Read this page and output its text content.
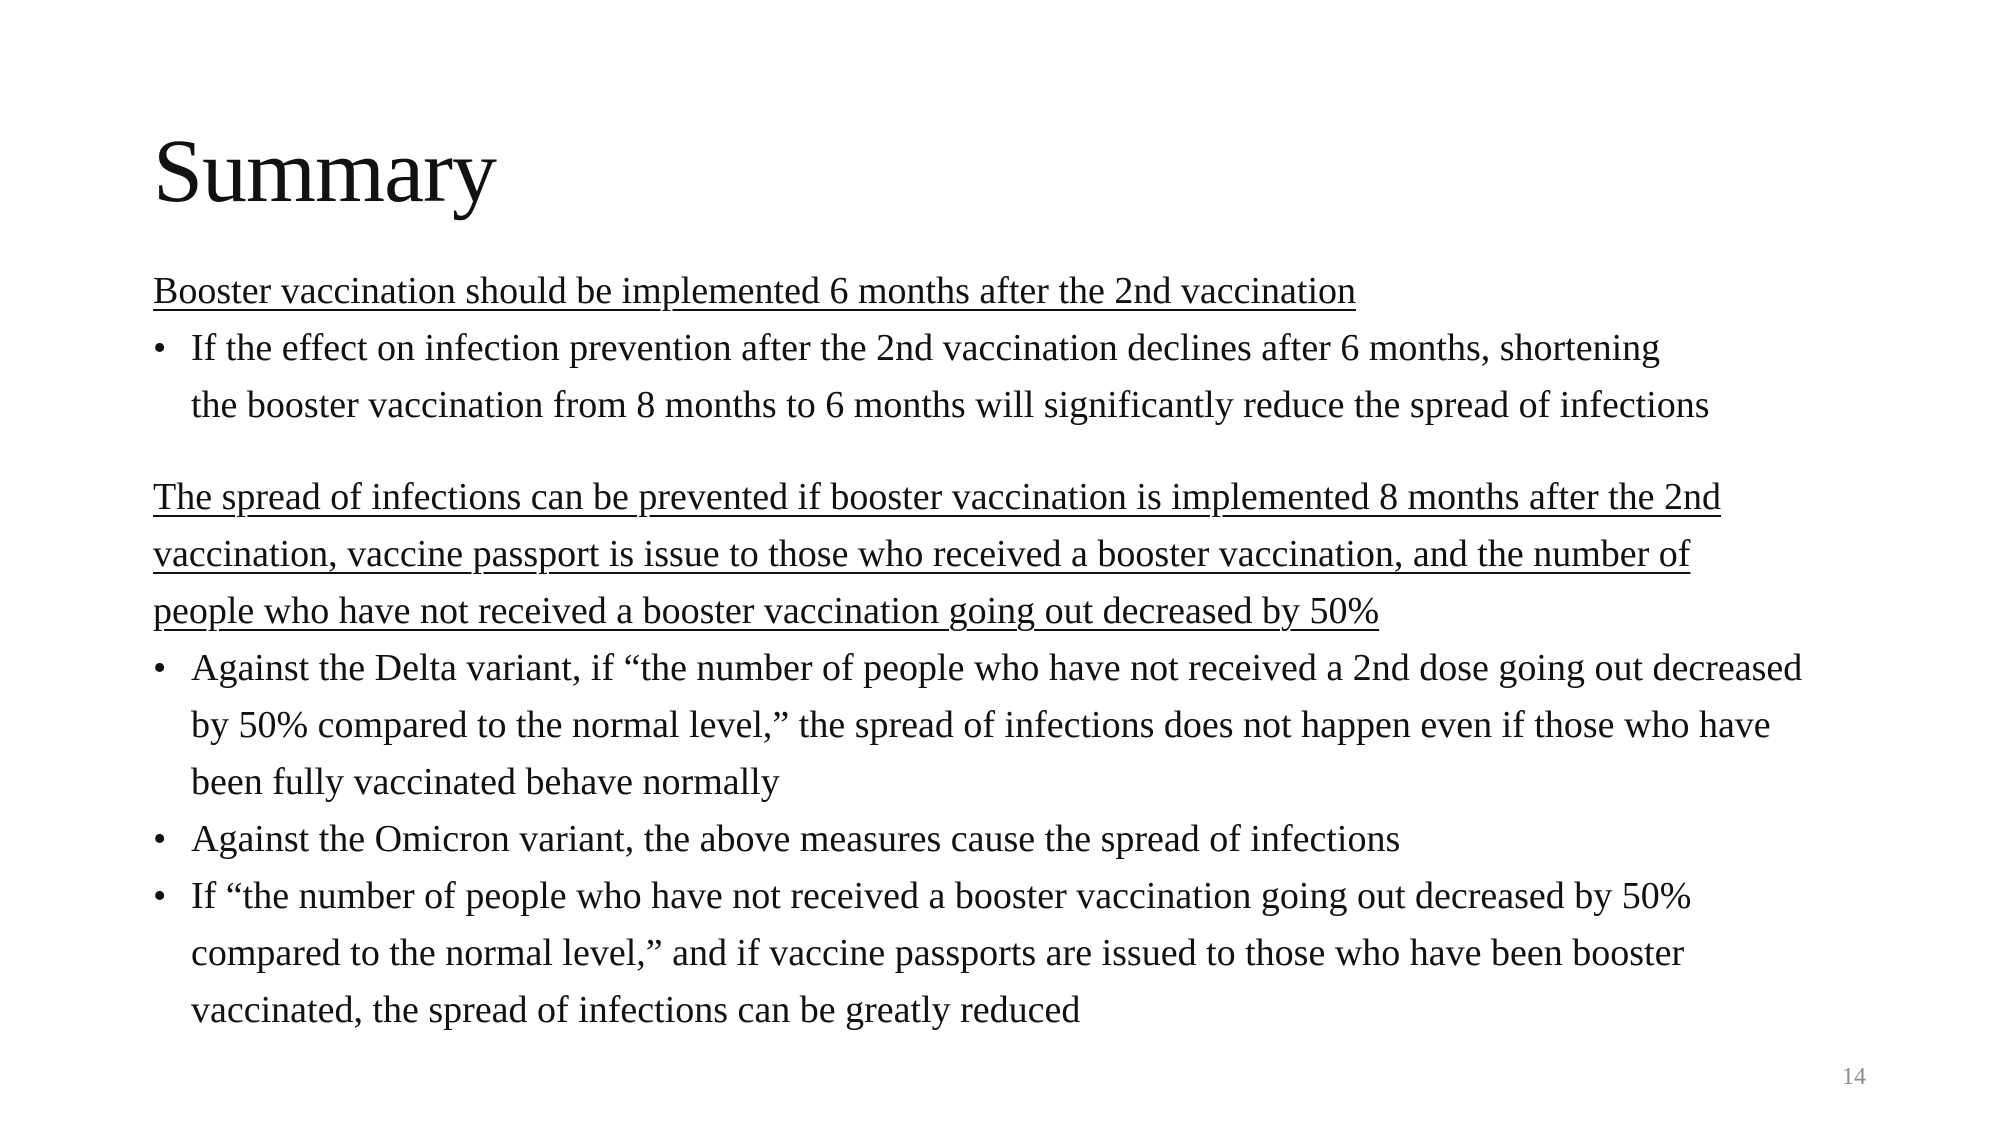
Summary

Booster vaccination should be implemented 6 months after the 2nd vaccination

• If the effect on infection prevention after the 2nd vaccination declines after 6 months, shortening
the booster vaccination from 8 months to 6 months will significantly reduce the spread of infections

The spread of infections can be prevented if booster vaccination is implemented 8 months after the 2nd
vaccination, vaccine passport is issue to those who received a booster vaccination, and the number of
people who have not received a booster vaccination going out decreased by 50%

• Against the Delta variant, if “the number of people who have not received a 2nd dose going out decreased
by 50% compared to the normal level,” the spread of infections does not happen even if those who have
been fully vaccinated behave normally
• Against the Omicron variant, the above measures cause the spread of infections
• If “the number of people who have not received a booster vaccination going out decreased by 50%
compared to the normal level,” and if vaccine passports are issued to those who have been booster
vaccinated, the spread of infections can be greatly reduced
14
